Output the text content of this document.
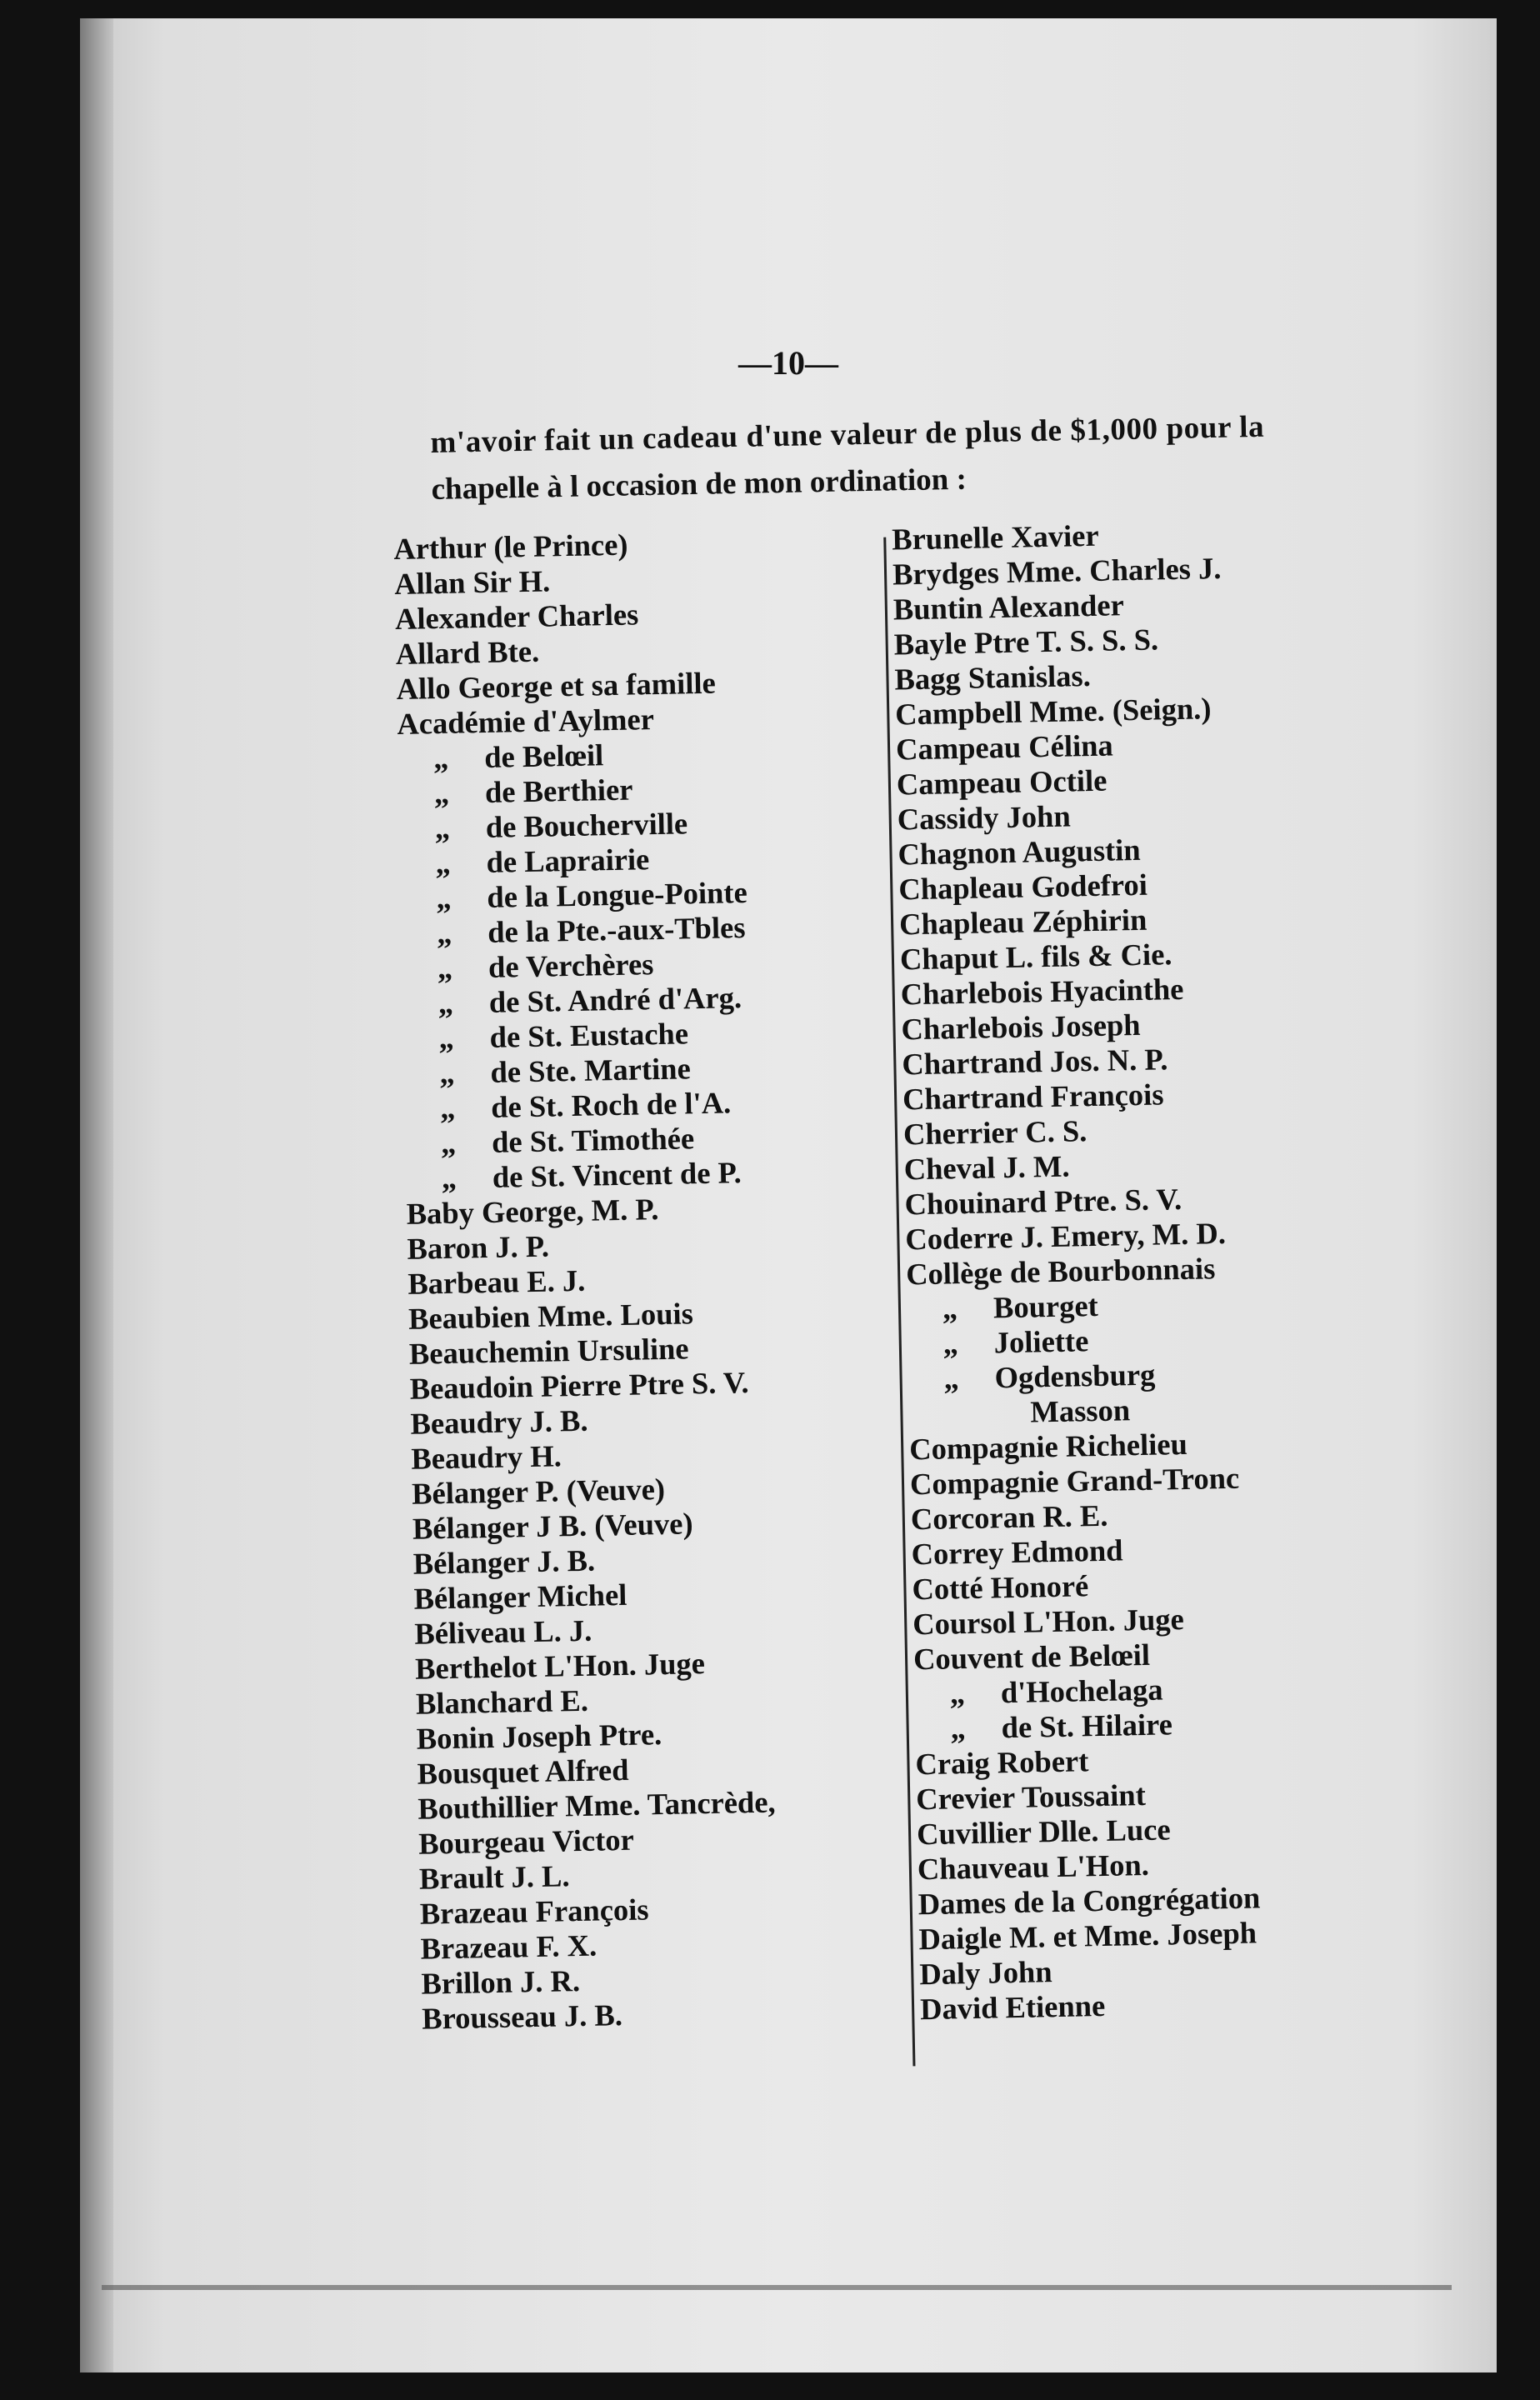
—10—
m'avoir fait un cadeau d'une valeur de plus de $1,000 pour la
chapelle à l occasion de mon ordination :
Arthur (le Prince)
Allan Sir H.
Alexander Charles
Allard Bte.
Allo George et sa famille
Académie d'Aylmer
„ de Belœil
„ de Berthier
„ de Boucherville
„ de Laprairie
„ de la Longue-Pointe
„ de la Pte.-aux-Tbles
„ de Verchères
„ de St. André d'Arg.
„ de St. Eustache
„ de Ste. Martine
„ de St. Roch de l'A.
„ de St. Timothée
„ de St. Vincent de P.
Baby George, M. P.
Baron J. P.
Barbeau E. J.
Beaubien Mme. Louis
Beauchemin Ursuline
Beaudoin Pierre Ptre S. V.
Beaudry J. B.
Beaudry H.
Bélanger P. (Veuve)
Bélanger J B. (Veuve)
Bélanger J. B.
Bélanger Michel
Béliveau L. J.
Berthelot L'Hon. Juge
Blanchard E.
Bonin Joseph Ptre.
Bousquet Alfred
Bouthillier Mme. Tancrède,
Bourgeau Victor
Brault J. L.
Brazeau François
Brazeau F. X.
Brillon J. R.
Brousseau J. B.
Brunelle Xavier
Brydges Mme. Charles J.
Buntin Alexander
Bayle Ptre T. S. S. S.
Bagg Stanislas.
Campbell Mme. (Seign.)
Campeau Célina
Campeau Octile
Cassidy John
Chagnon Augustin
Chapleau Godefroi
Chapleau Zéphirin
Chaput L. fils & Cie.
Charlebois Hyacinthe
Charlebois Joseph
Chartrand Jos. N. P.
Chartrand François
Cherrier C. S.
Cheval J. M.
Chouinard Ptre. S. V.
Coderre J. Emery, M. D.
Collège de Bourbonnais
„ Bourget
„ Joliette
„ Ogdensburg
Masson
Compagnie Richelieu
Compagnie Grand-Tronc
Corcoran R. E.
Correy Edmond
Cotté Honoré
Coursol L'Hon. Juge
Couvent de Belœil
„ d'Hochelaga
„ de St. Hilaire
Craig Robert
Crevier Toussaint
Cuvillier Dlle. Luce
Chauveau L'Hon.
Dames de la Congrégation
Daigle M. et Mme. Joseph
Daly John
David Etienne
